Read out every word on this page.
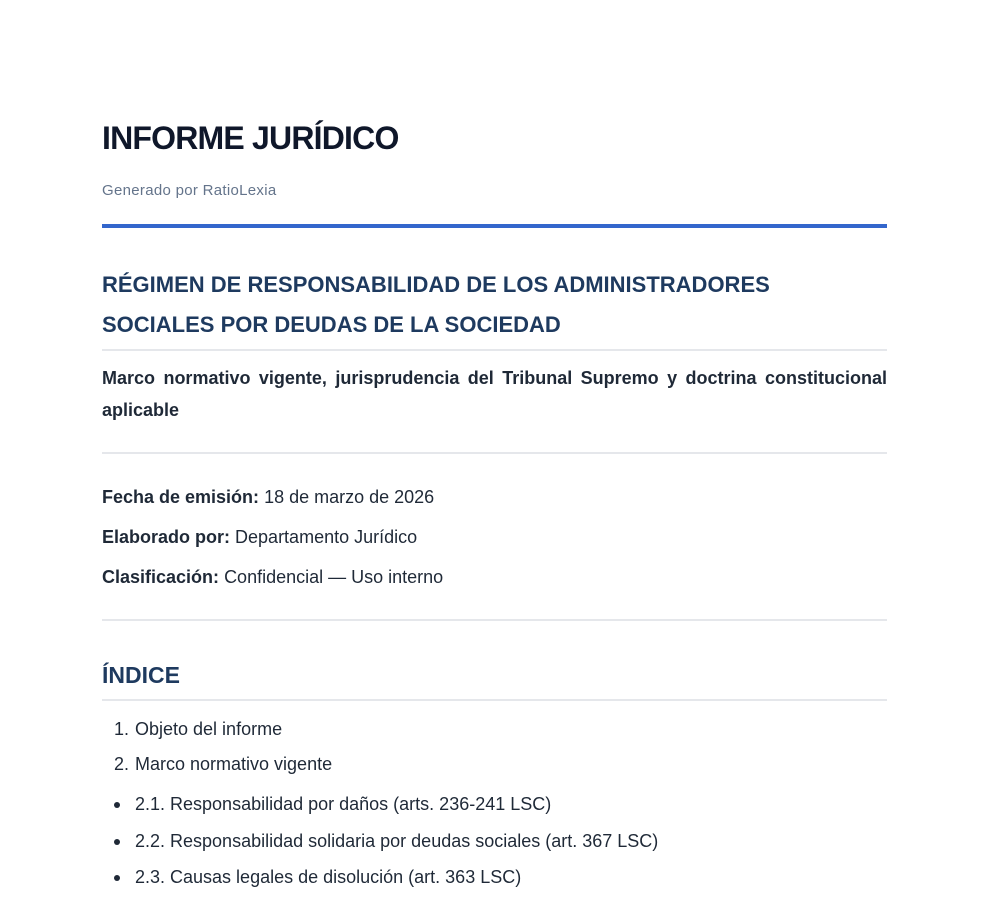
INFORME JURÍDICO
Generado por RatioLexia
RÉGIMEN DE RESPONSABILIDAD DE LOS ADMINISTRADORES SOCIALES POR DEUDAS DE LA SOCIEDAD

Marco normativo vigente, jurisprudencia del Tribunal Supremo y doctrina constitucional aplicable

Fecha de emisión: 18 de marzo de 2026
Elaborado por: Departamento Jurídico
Clasificación: Confidencial — Uso interno
ÍNDICE
1. Objeto del informe
2. Marco normativo vigente
2.1. Responsabilidad por daños (arts. 236-241 LSC)
2.2. Responsabilidad solidaria por deudas sociales (art. 367 LSC)
2.3. Causas legales de disolución (art. 363 LSC)
